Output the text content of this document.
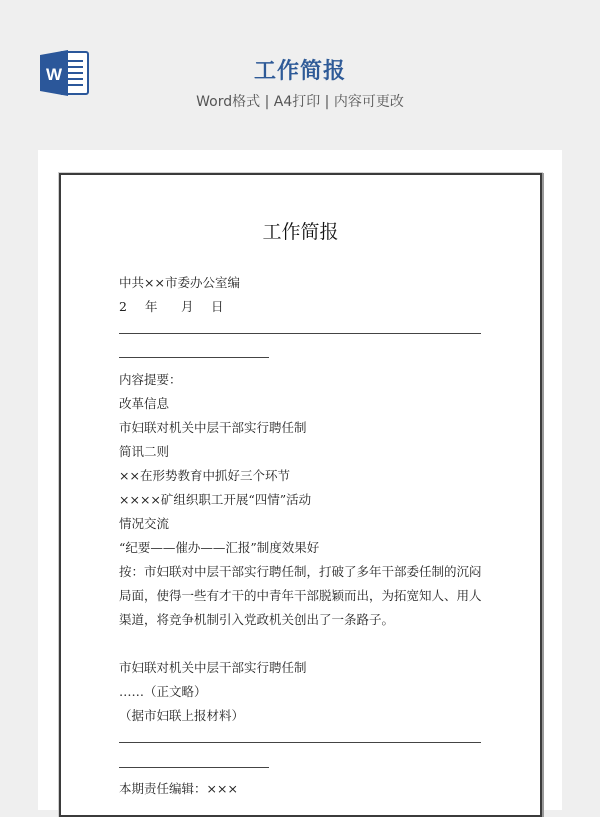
W	工作简报
Word格式 | A4打印 | 内容可更改
工作简报
中共××市委办公室编
2 年 月 日
内容提要：
改革信息
市妇联对机关中层干部实行聘任制
简讯二则
××在形势教育中抓好三个环节
××××矿组织职工开展“四情”活动
情况交流
“纪要——催办——汇报”制度效果好
按：市妇联对中层干部实行聘任制，打破了多年干部委任制的沉闷
局面，使得一些有才干的中青年干部脱颖而出，为拓宽知人、用人
渠道，将竞争机制引入党政机关创出了一条路子。
市妇联对机关中层干部实行聘任制
……（正文略）
（据市妇联上报材料）
本期责任编辑：×××
